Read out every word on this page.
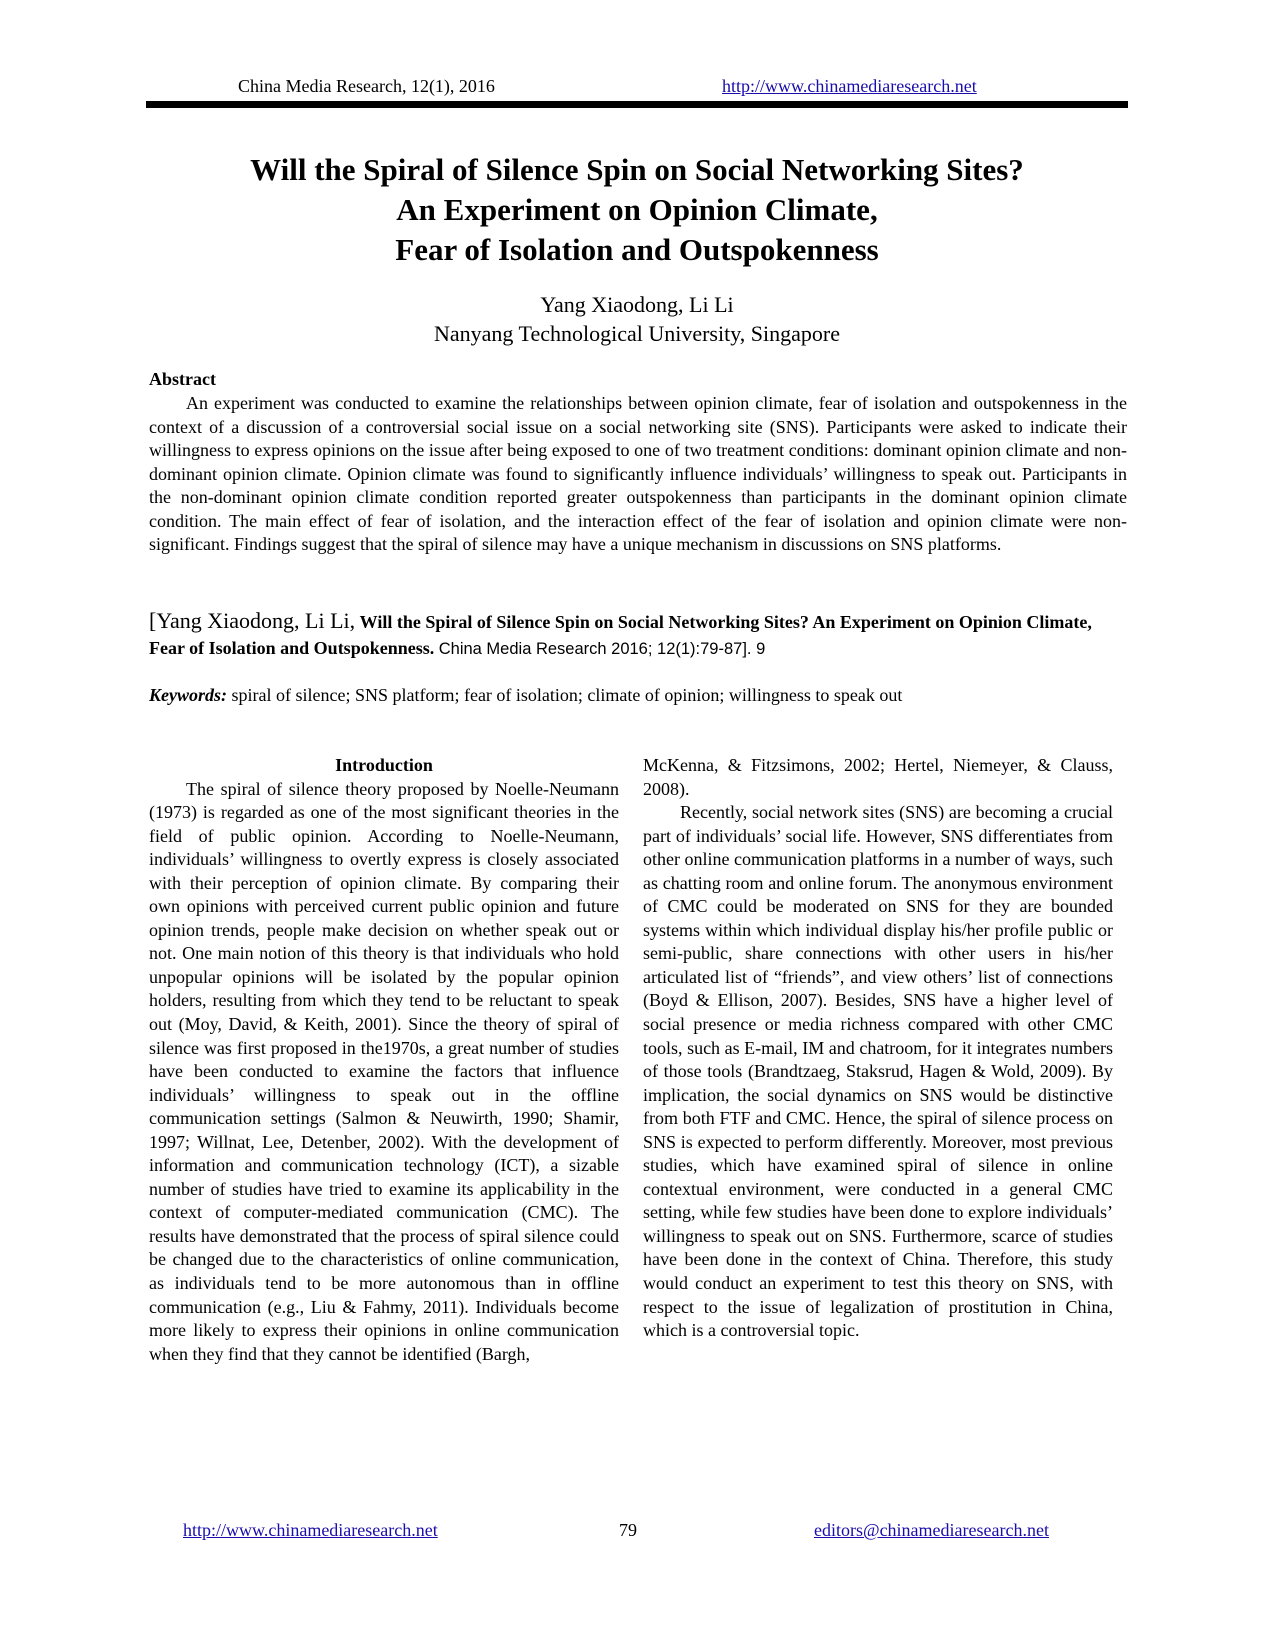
China Media Research, 12(1), 2016	http://www.chinamediaresearch.net
Will the Spiral of Silence Spin on Social Networking Sites?
An Experiment on Opinion Climate,
Fear of Isolation and Outspokenness
Yang Xiaodong, Li Li
Nanyang Technological University, Singapore
Abstract
An experiment was conducted to examine the relationships between opinion climate, fear of isolation and outspokenness in the context of a discussion of a controversial social issue on a social networking site (SNS). Participants were asked to indicate their willingness to express opinions on the issue after being exposed to one of two treatment conditions: dominant opinion climate and non-dominant opinion climate. Opinion climate was found to significantly influence individuals’ willingness to speak out. Participants in the non-dominant opinion climate condition reported greater outspokenness than participants in the dominant opinion climate condition. The main effect of fear of isolation, and the interaction effect of the fear of isolation and opinion climate were non-significant. Findings suggest that the spiral of silence may have a unique mechanism in discussions on SNS platforms.
[Yang Xiaodong, Li Li, Will the Spiral of Silence Spin on Social Networking Sites? An Experiment on Opinion Climate, Fear of Isolation and Outspokenness. China Media Research 2016; 12(1):79-87]. 9
Keywords: spiral of silence; SNS platform; fear of isolation; climate of opinion; willingness to speak out

Introduction

The spiral of silence theory proposed by Noelle-Neumann (1973) is regarded as one of the most significant theories in the field of public opinion. According to Noelle-Neumann, individuals’ willingness to overtly express is closely associated with their perception of opinion climate. By comparing their own opinions with perceived current public opinion and future opinion trends, people make decision on whether speak out or not. One main notion of this theory is that individuals who hold unpopular opinions will be isolated by the popular opinion holders, resulting from which they tend to be reluctant to speak out (Moy, David, & Keith, 2001). Since the theory of spiral of silence was first proposed in the1970s, a great number of studies have been conducted to examine the factors that influence individuals’ willingness to speak out in the offline communication settings (Salmon & Neuwirth, 1990; Shamir, 1997; Willnat, Lee, Detenber, 2002). With the development of information and communication technology (ICT), a sizable number of studies have tried to examine its applicability in the context of computer-mediated communication (CMC). The results have demonstrated that the process of spiral silence could be changed due to the characteristics of online communication, as individuals tend to be more autonomous than in offline communication (e.g., Liu & Fahmy, 2011). Individuals become more likely to express their opinions in online communication when they find that they cannot be identified (Bargh,

McKenna, & Fitzsimons, 2002; Hertel, Niemeyer, & Clauss, 2008).

Recently, social network sites (SNS) are becoming a crucial part of individuals’ social life. However, SNS differentiates from other online communication platforms in a number of ways, such as chatting room and online forum. The anonymous environment of CMC could be moderated on SNS for they are bounded systems within which individual display his/her profile public or semi-public, share connections with other users in his/her articulated list of “friends”, and view others’ list of connections (Boyd & Ellison, 2007). Besides, SNS have a higher level of social presence or media richness compared with other CMC tools, such as E-mail, IM and chatroom, for it integrates numbers of those tools (Brandtzaeg, Staksrud, Hagen & Wold, 2009). By implication, the social dynamics on SNS would be distinctive from both FTF and CMC. Hence, the spiral of silence process on SNS is expected to perform differently. Moreover, most previous studies, which have examined spiral of silence in online contextual environment, were conducted in a general CMC setting, while few studies have been done to explore individuals’ willingness to speak out on SNS. Furthermore, scarce of studies have been done in the context of China. Therefore, this study would conduct an experiment to test this theory on SNS, with respect to the issue of legalization of prostitution in China, which is a controversial topic.

http://www.chinamediaresearch.net	79	editors@chinamediaresearch.net
